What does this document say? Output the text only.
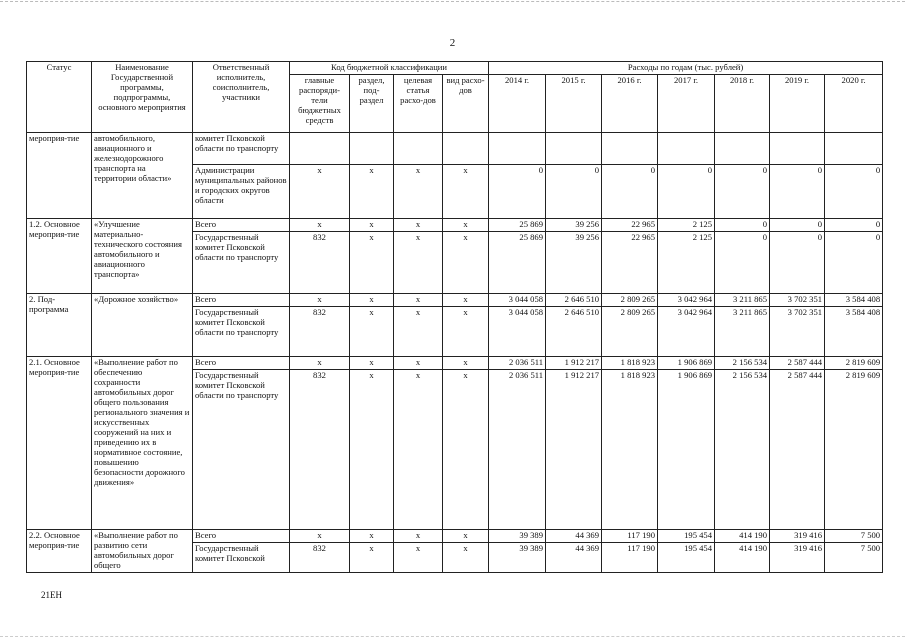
2
Статус	Наименование Государственной программы, подпрограммы, основного мероприятия	Ответственный исполнитель, соисполнитель, участники	Код бюджетной классификации				Расходы по годам (тыс. рублей)						
			главные распоряди-тели бюджетных средств	раздел, под-раздел	целевая статья расхо-дов	вид расхо-дов	2014 г.	2015 г.	2016 г.	2017 г.	2018 г.	2019 г.	2020 г.
мероприя-тие	автомобильного, авиационного и железнодорожного транспорта на территории области»	комитет Псковской области по транспорту											
		Администрации муниципальных районов и городских округов области	х	х	х	х	0	0	0	0	0	0	0
1.2. Основное мероприя-тие	«Улучшение материально-технического состояния автомобильного и авиационного транспорта»	Всего	х	х	х	х	25 869	39 256	22 965	2 125	0	0	0
		Государственный комитет Псковской области по транспорту	832	х	х	х	25 869	39 256	22 965	2 125	0	0	0
2. Под-программа	«Дорожное хозяйство»	Всего	х	х	х	х	3 044 058	2 646 510	2 809 265	3 042 964	3 211 865	3 702 351	3 584 408
		Государственный комитет Псковской области по транспорту	832	х	х	х	3 044 058	2 646 510	2 809 265	3 042 964	3 211 865	3 702 351	3 584 408
2.1. Основное мероприя-тие	«Выполнение работ по обеспечению сохранности автомобильных дорог общего пользования регионального значения и искусственных сооружений на них и приведению их в нормативное состояние, повышению безопасности дорожного движения»	Всего	х	х	х	х	2 036 511	1 912 217	1 818 923	1 906 869	2 156 534	2 587 444	2 819 609
		Государственный комитет Псковской области по транспорту	832	х	х	х	2 036 511	1 912 217	1 818 923	1 906 869	2 156 534	2 587 444	2 819 609
2.2. Основное мероприя-тие	«Выполнение работ по развитию сети автомобильных дорог общего	Всего	х	х	х	х	39 389	44 369	117 190	195 454	414 190	319 416	7 500
		Государственный комитет Псковской	832	х	х	х	39 389	44 369	117 190	195 454	414 190	319 416	7 500
21ЕН
